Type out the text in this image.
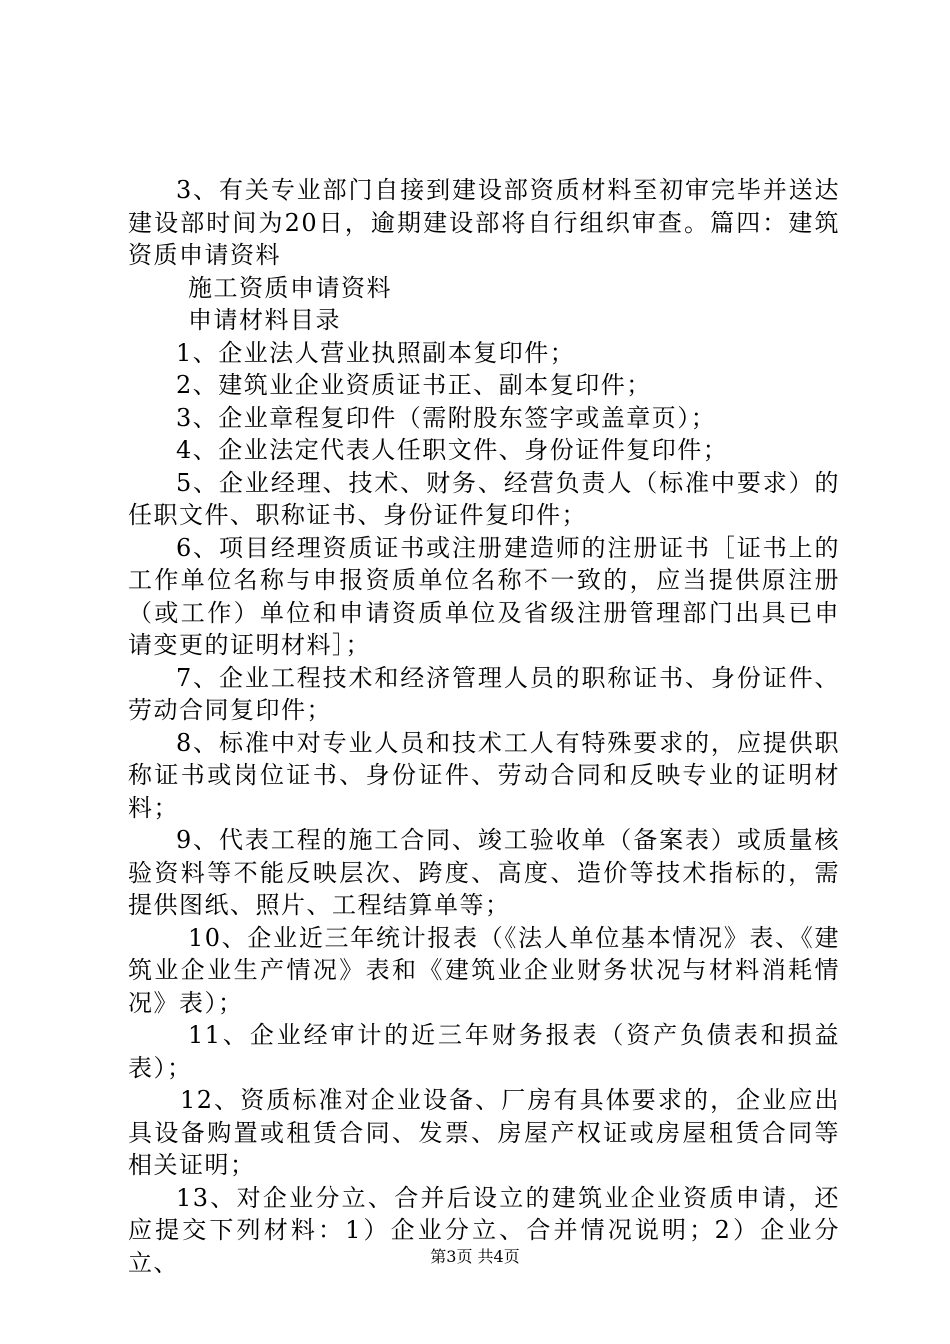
3、有关专业部门自接到建设部资质材料至初审完毕并送达建设部时间为20日，逾期建设部将自行组织审查。篇四：建筑资质申请资料

施工资质申请资料

申请材料目录

1、企业法人营业执照副本复印件；

2、建筑业企业资质证书正、副本复印件；

3、企业章程复印件（需附股东签字或盖章页）；

4、企业法定代表人任职文件、身份证件复印件；

5、企业经理、技术、财务、经营负责人（标准中要求）的任职文件、职称证书、身份证件复印件；

6、项目经理资质证书或注册建造师的注册证书［证书上的工作单位名称与申报资质单位名称不一致的，应当提供原注册（或工作）单位和申请资质单位及省级注册管理部门出具已申请变更的证明材料］；

7、企业工程技术和经济管理人员的职称证书、身份证件、劳动合同复印件；

8、标准中对专业人员和技术工人有特殊要求的，应提供职称证书或岗位证书、身份证件、劳动合同和反映专业的证明材料；

9、代表工程的施工合同、竣工验收单（备案表）或质量核验资料等不能反映层次、跨度、高度、造价等技术指标的，需提供图纸、照片、工程结算单等；

10、企业近三年统计报表（《法人单位基本情况》表、《建筑业企业生产情况》表和《建筑业企业财务状况与材料消耗情况》表）；

11、企业经审计的近三年财务报表（资产负债表和损益表）；

12、资质标准对企业设备、厂房有具体要求的，企业应出具设备购置或租赁合同、发票、房屋产权证或房屋租赁合同等相关证明；

13、对企业分立、合并后设立的建筑业企业资质申请，还应提交下列材料：1）企业分立、合并情况说明；2）企业分立、	第3页 共4页
